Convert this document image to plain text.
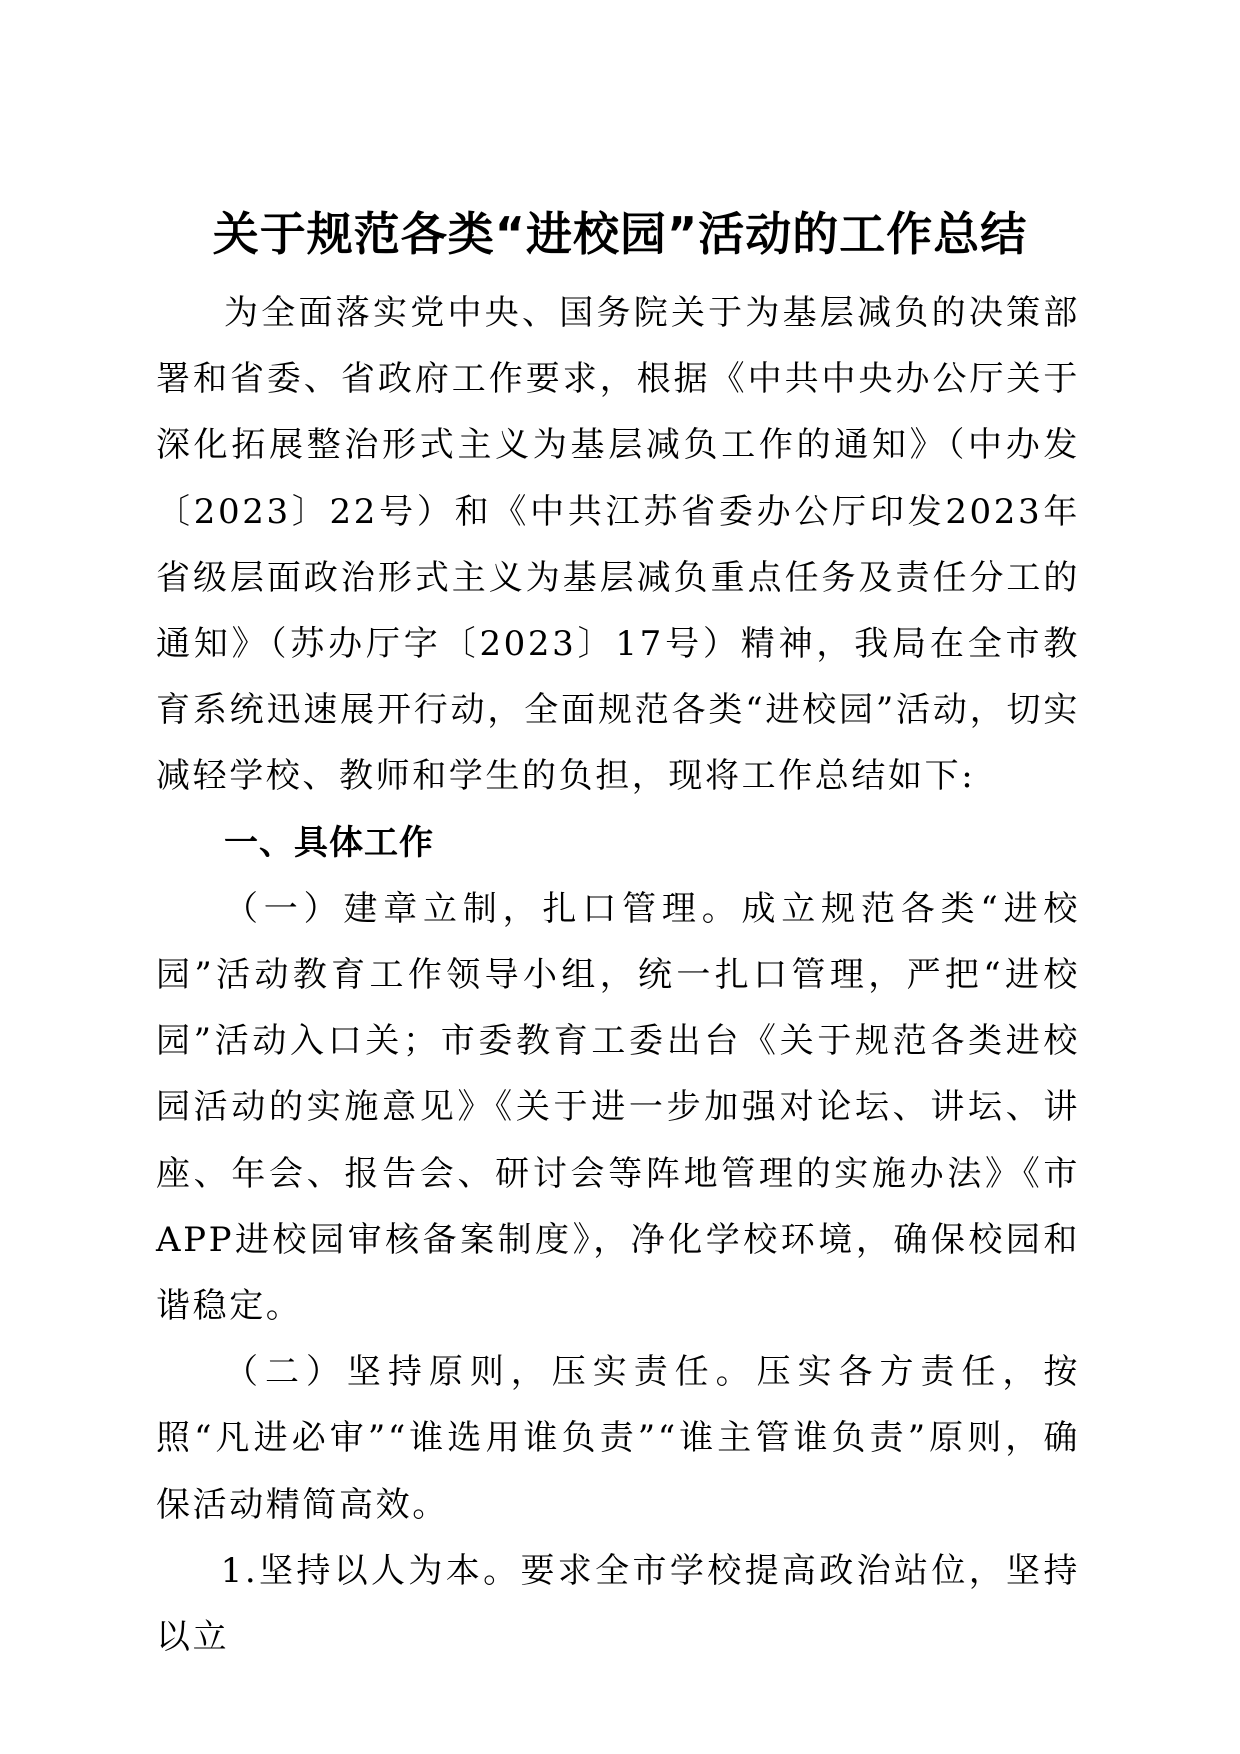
关于规范各类“进校园”活动的工作总结

为全面落实党中央、国务院关于为基层减负的决策部署和省委、省政府工作要求，根据《中共中央办公厅关于深化拓展整治形式主义为基层减负工作的通知》（中办发〔2023〕22号）和《中共江苏省委办公厅印发2023年省级层面政治形式主义为基层减负重点任务及责任分工的通知》（苏办厅字〔2023〕17号）精神，我局在全市教育系统迅速展开行动，全面规范各类“进校园”活动，切实减轻学校、教师和学生的负担，现将工作总结如下:

一、具体工作

（一）建章立制，扎口管理。成立规范各类“进校园”活动教育工作领导小组，统一扎口管理，严把“进校园”活动入口关；市委教育工委出台《关于规范各类进校园活动的实施意见》《关于进一步加强对论坛、讲坛、讲座、年会、报告会、研讨会等阵地管理的实施办法》《市APP进校园审核备案制度》，净化学校环境，确保校园和谐稳定。

（二）坚持原则，压实责任。压实各方责任，按照“凡进必审”“谁选用谁负责”“谁主管谁负责”原则，确保活动精简高效。

1.坚持以人为本。要求全市学校提高政治站位，坚持以立
